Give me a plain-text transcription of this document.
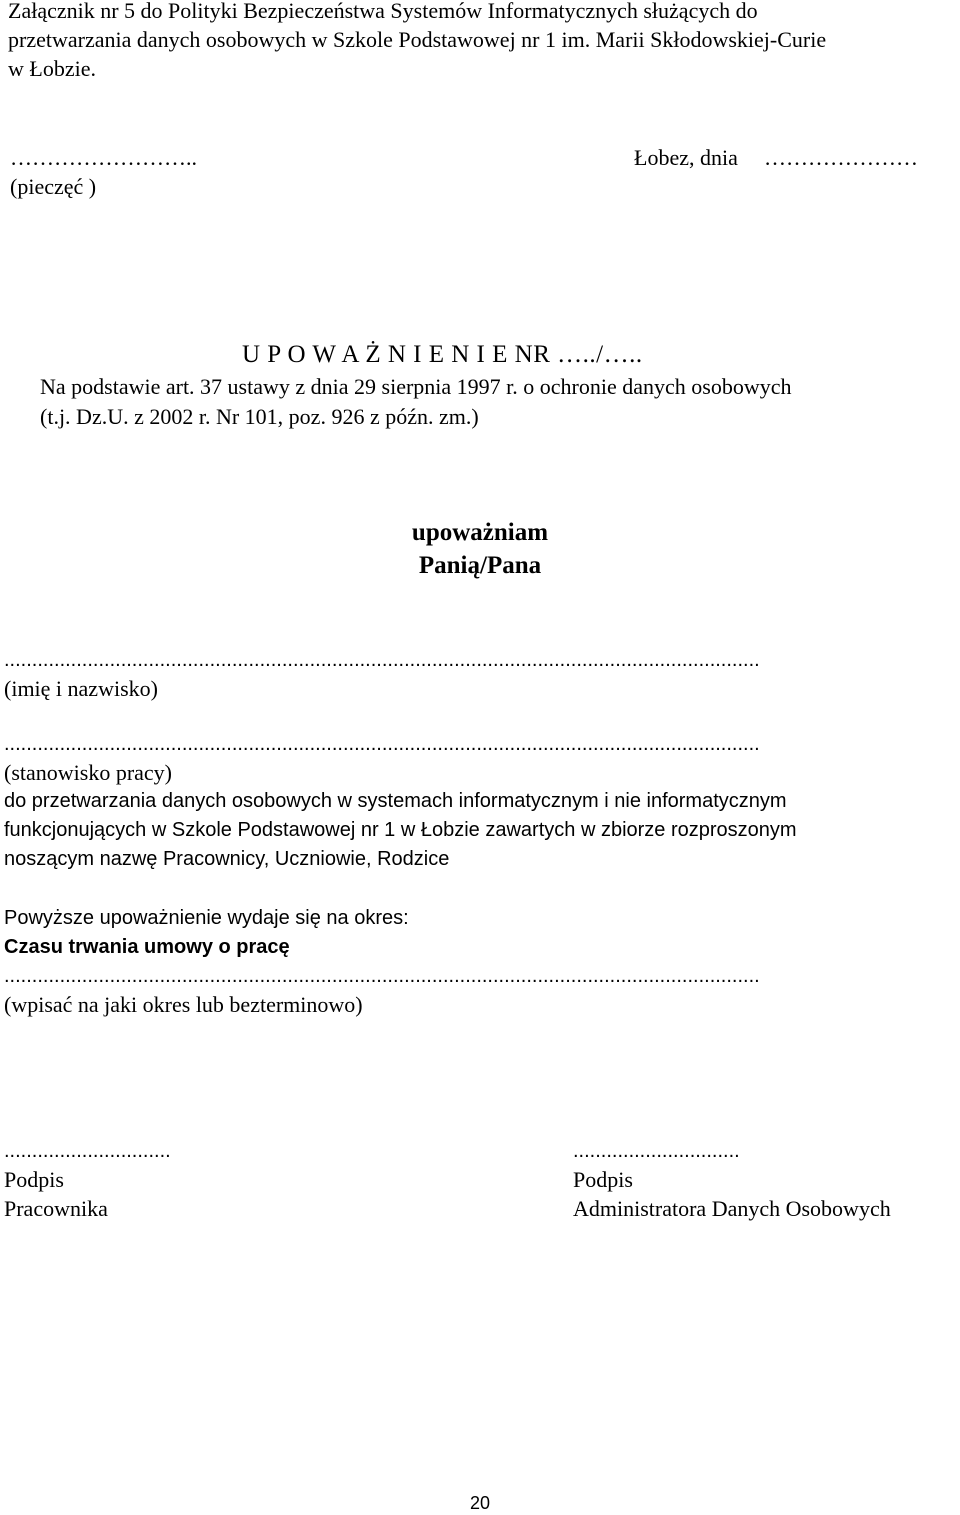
Załącznik nr 5 do Polityki Bezpieczeństwa Systemów Informatycznych służących do
przetwarzania danych osobowych w Szkole Podstawowej nr 1 im. Marii Skłodowskiej-Curie
w Łobzie.
……………………..
(pieczęć )
Łobez, dnia …………………
U P O W A Ż N I E N I E NR …../…..
Na podstawie art. 37 ustawy z dnia 29 sierpnia 1997 r. o ochronie danych osobowych
(t.j. Dz.U. z 2002 r. Nr 101, poz. 926 z późn. zm.)
upoważniam
Panią/Pana
........................................................................................................................................
(imię i nazwisko)
........................................................................................................................................
(stanowisko pracy)
do przetwarzania danych osobowych w systemach informatycznym i nie informatycznym
funkcjonujących w Szkole Podstawowej nr 1 w Łobzie zawartych w zbiorze rozproszonym
noszącym nazwę Pracownicy, Uczniowie, Rodzice
Powyższe upoważnienie wydaje się na okres:
Czasu trwania umowy o pracę
........................................................................................................................................
(wpisać na jaki okres lub bezterminowo)
..............................
Podpis
Pracownika
..............................
Podpis
Administratora Danych Osobowych
20
